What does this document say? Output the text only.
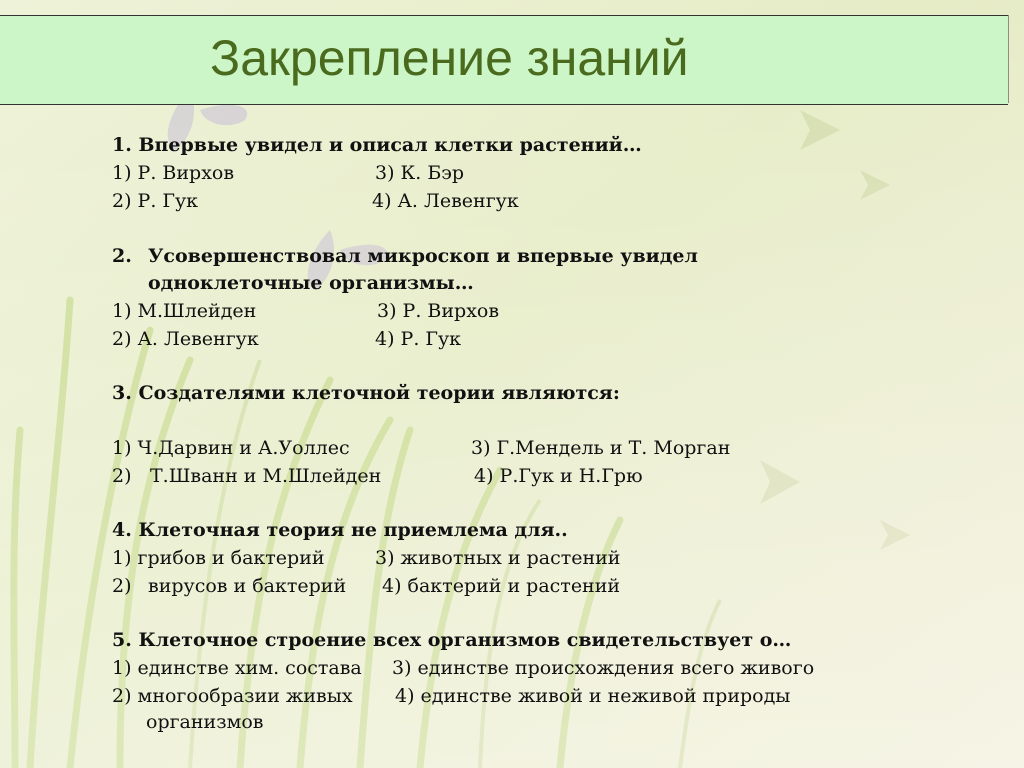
Закрепление знаний
1. Впервые увидел и описал клетки растений…
1) Р. Вирхов	3) К. Бэр
2) Р. Гук	4) А. Левенгук
2. Усовершенствовал микроскоп и впервые увидел
одноклеточные организмы…
1) М.Шлейден	3) Р. Вирхов
2) А. Левенгук	4) Р. Гук
3. Создателями клеточной теории являются:
1) Ч.Дарвин и А.Уоллес	3) Г.Мендель и Т. Морган
2) Т.Шванн и М.Шлейден	4) Р.Гук и Н.Грю
4. Клеточная теория не приемлема для..
1) грибов и бактерий	3) животных и растений
2) вирусов и бактерий 4) бактерий и растений
5. Клеточное строение всех организмов свидетельствует о…
1) единстве хим. состава 3) единстве происхождения всего живого
2) многообразии живых 4) единстве живой и неживой природы
организмов
